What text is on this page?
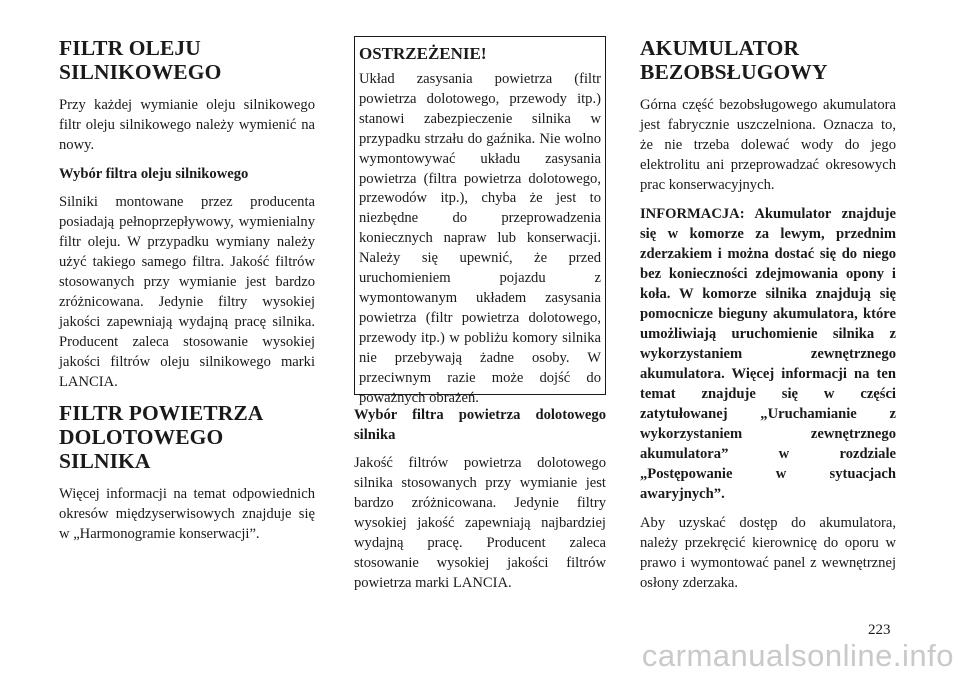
FILTR OLEJU SILNIKOWEGO

Przy każdej wymianie oleju silnikowego filtr oleju silnikowego należy wymienić na nowy.

Wybór filtra oleju silnikowego

Silniki montowane przez producenta posiadają pełnoprzepływowy, wymienialny filtr oleju. W przypadku wymiany należy użyć takiego samego filtra. Jakość filtrów stosowanych przy wymianie jest bardzo zróżnicowana. Jedynie filtry wysokiej jakości zapewniają wydajną pracę silnika. Producent zaleca stosowanie wysokiej jakości filtrów oleju silnikowego marki LANCIA.

FILTR POWIETRZA DOLOTOWEGO SILNIKA

Więcej informacji na temat odpowiednich okresów międzyserwisowych znajduje się w „Harmonogramie konserwacji”.

OSTRZEŻENIE!

Układ zasysania powietrza (filtr powietrza dolotowego, przewody itp.) stanowi zabezpieczenie silnika w przypadku strzału do gaźnika. Nie wolno wymontowywać układu zasysania powietrza (filtra powietrza dolotowego, przewodów itp.), chyba że jest to niezbędne do przeprowadzenia koniecznych napraw lub konserwacji. Należy się upewnić, że przed uruchomieniem pojazdu z wymontowanym układem zasysania powietrza (filtr powietrza dolotowego, przewody itp.) w pobliżu komory silnika nie przebywają żadne osoby. W przeciwnym razie może dojść do poważnych obrażeń.

Wybór filtra powietrza dolotowego silnika

Jakość filtrów powietrza dolotowego silnika stosowanych przy wymianie jest bardzo zróżnicowana. Jedynie filtry wysokiej jakość zapewniają najbardziej wydajną pracę. Producent zaleca stosowanie wysokiej jakości filtrów powietrza marki LANCIA.

AKUMULATOR BEZOBSŁUGOWY

Górna część bezobsługowego akumulatora jest fabrycznie uszczelniona. Oznacza to, że nie trzeba dolewać wody do jego elektrolitu ani przeprowadzać okresowych prac konserwacyjnych.

INFORMACJA: Akumulator znajduje się w komorze za lewym, przednim zderzakiem i można dostać się do niego bez konieczności zdejmowania opony i koła. W komorze silnika znajdują się pomocnicze bieguny akumulatora, które umożliwiają uruchomienie silnika z wykorzystaniem zewnętrznego akumulatora. Więcej informacji na ten temat znajduje się w części zatytułowanej „Uruchamianie z wykorzystaniem zewnętrznego akumulatora” w rozdziale „Postępowanie w sytuacjach awaryjnych”.

Aby uzyskać dostęp do akumulatora, należy przekręcić kierownicę do oporu w prawo i wymontować panel z wewnętrznej osłony zderzaka.

223
carmanualsonline.info
